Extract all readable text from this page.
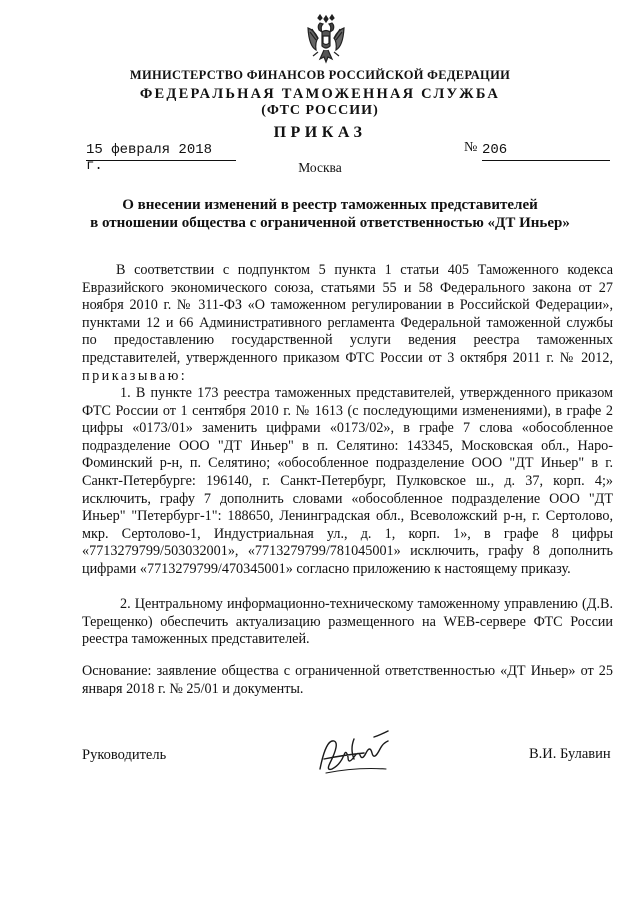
МИНИСТЕРСТВО ФИНАНСОВ РОССИЙСКОЙ ФЕДЕРАЦИИ
ФЕДЕРАЛЬНАЯ ТАМОЖЕННАЯ СЛУЖБА
(ФТС РОССИИ)
ПРИКАЗ
15 февраля 2018 г.
№ 206
Москва
О внесении изменений в реестр таможенных представителей
в отношении общества с ограниченной ответственностью «ДТ Иньер»

В соответствии с подпунктом 5 пункта 1 статьи 405 Таможенного кодекса Евразийского экономического союза, статьями 55 и 58 Федерального закона от 27 ноября 2010 г. № 311-ФЗ «О таможенном регулировании в Российской Федерации», пунктами 12 и 66 Административного регламента Федеральной таможенной службы по предоставлению государственной услуги ведения реестра таможенных представителей, утвержденного приказом ФТС России от 3 октября 2011 г. № 2012, приказываю:

1. В пункте 173 реестра таможенных представителей, утвержденного приказом ФТС России от 1 сентября 2010 г. № 1613 (с последующими изменениями), в графе 2 цифры «0173/01» заменить цифрами «0173/02», в графе 7 слова «обособленное подразделение ООО "ДТ Иньер" в п. Селятино: 143345, Московская обл., Наро-Фоминский р-н, п. Селятино; «обособленное подразделение ООО "ДТ Иньер" в г. Санкт-Петербурге: 196140, г. Санкт-Петербург, Пулковское ш., д. 37, корп. 4;» исключить, графу 7 дополнить словами «обособленное подразделение ООО "ДТ Иньер" "Петербург-1": 188650, Ленинградская обл., Всеволожский р-н, г. Сертолово, мкр. Сертолово-1, Индустриальная ул., д. 1, корп. 1», в графе 8 цифры «7713279799/503032001», «7713279799/781045001» исключить, графу 8 дополнить цифрами «7713279799/470345001» согласно приложению к настоящему приказу.

2. Центральному информационно-техническому таможенному управлению (Д.В. Терещенко) обеспечить актуализацию размещенного на WEB-сервере ФТС России реестра таможенных представителей.

Основание: заявление общества с ограниченной ответственностью «ДТ Иньер» от 25 января 2018 г. № 25/01 и документы.

Руководитель	В.И. Булавин
